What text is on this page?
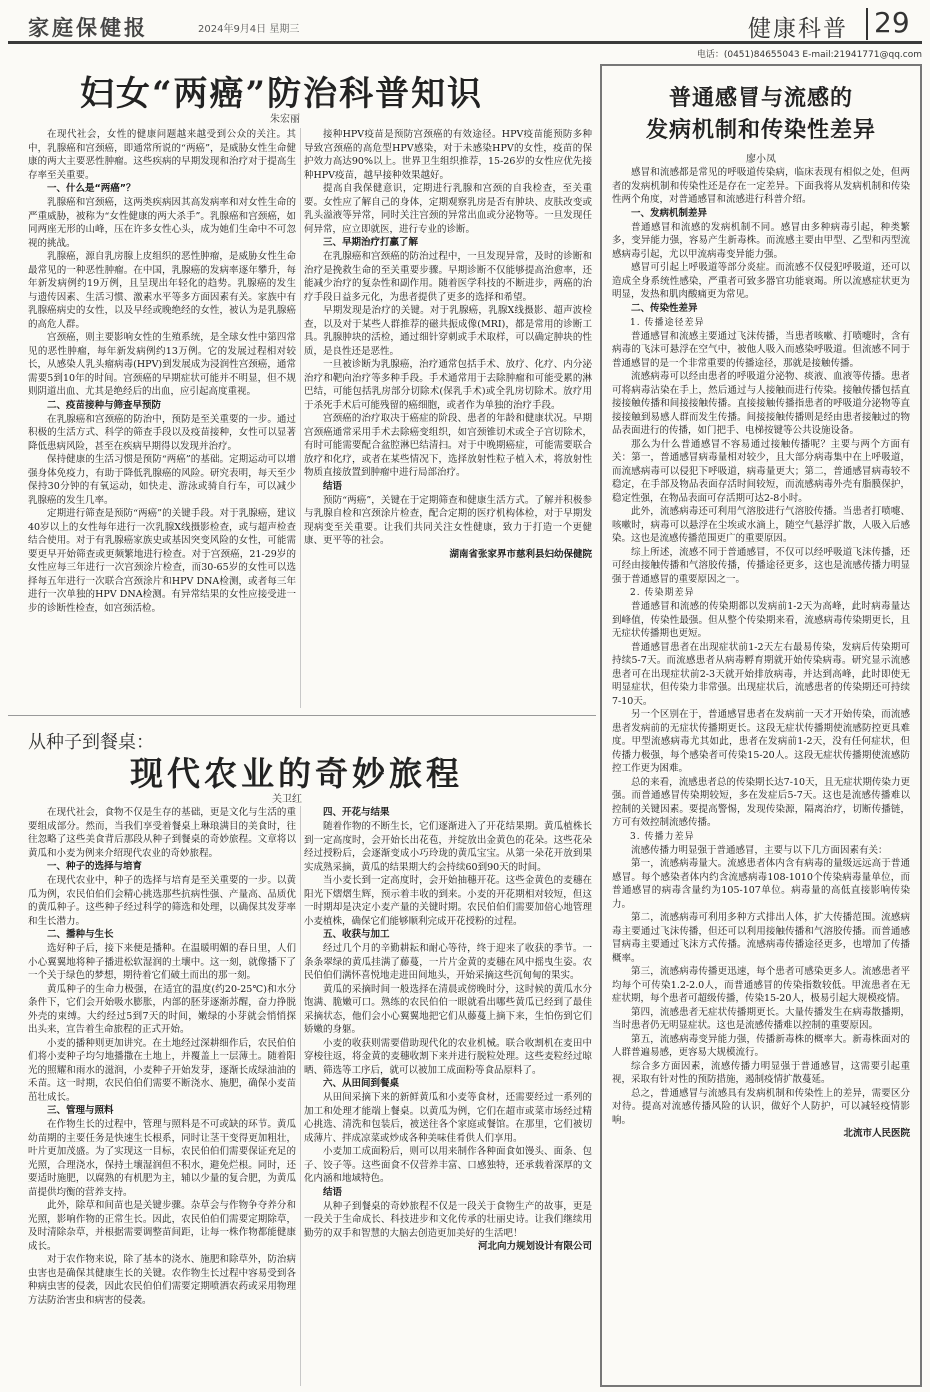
家庭保健报	2024年9月4日 星期三	健康科普 29
电话：(0451)84655043 E-mail:21941771@qq.com
妇女“两癌”防治科普知识
朱宏丽

在现代社会，女性的健康问题越来越受到公众的关注。其中，乳腺癌和宫颈癌，即通常所说的“两癌”，是威胁女性生命健康的两大主要恶性肿瘤。这些疾病的早期发现和治疗对于提高生存率至关重要。

一、什么是“两癌”？

乳腺癌和宫颈癌，这两类疾病因其高发病率和对女性生命的严重威胁，被称为“女性健康的两大杀手”。乳腺癌和宫颈癌，如同两座无形的山峰，压在许多女性心头，成为她们生命中不可忽视的挑战。

乳腺癌，源自乳房腺上皮组织的恶性肿瘤，是威胁女性生命最常见的一种恶性肿瘤。在中国，乳腺癌的发病率逐年攀升，每年新发病例约19万例，且呈现出年轻化的趋势。乳腺癌的发生与遗传因素、生活习惯、激素水平等多方面因素有关。家族中有乳腺癌病史的女性，以及早经或晚绝经的女性，被认为是乳腺癌的高危人群。

宫颈癌，则主要影响女性的生殖系统，是全球女性中第四常见的恶性肿瘤，每年新发病例约13万例。它的发展过程相对较长，从感染人乳头瘤病毒(HPV)到发展成为浸润性宫颈癌，通常需要5到10年的时间。宫颈癌的早期症状可能并不明显，但不规则阴道出血、尤其是绝经后的出血，应引起高度重视。

二、疫苗接种与筛查早预防

在乳腺癌和宫颈癌的防治中，预防是至关重要的一步。通过积极的生活方式、科学的筛查手段以及疫苗接种，女性可以显著降低患病风险，甚至在疾病早期得以发现并治疗。

保持健康的生活习惯是预防“两癌”的基础。定期运动可以增强身体免疫力，有助于降低乳腺癌的风险。研究表明，每天至少保持30分钟的有氧运动，如快走、游泳或骑自行车，可以减少乳腺癌的发生几率。

定期进行筛查是预防“两癌”的关键手段。对于乳腺癌，建议40岁以上的女性每年进行一次乳腺X线摄影检查，或与超声检查结合使用。对于有乳腺癌家族史或基因突变风险的女性，可能需要更早开始筛查或更频繁地进行检查。对于宫颈癌，21-29岁的女性应每三年进行一次宫颈涂片检查，而30-65岁的女性可以选择每五年进行一次联合宫颈涂片和HPV DNA检测，或者每三年进行一次单独的HPV DNA检测。有异常结果的女性应接受进一步的诊断性检查，如宫颈活检。

接种HPV疫苗是预防宫颈癌的有效途径。HPV疫苗能预防多种导致宫颈癌的高危型HPV感染，对于未感染HPV的女性，疫苗的保护效力高达90%以上。世界卫生组织推荐，15-26岁的女性应优先接种HPV疫苗，越早接种效果越好。

提高自我保健意识，定期进行乳腺和宫颈的自我检查，至关重要。女性应了解自己的身体，定期观察乳房是否有肿块、皮肤改变或乳头溢液等异常，同时关注宫颈的异常出血或分泌物等。一旦发现任何异常，应立即就医，进行专业的诊断。

三、早期治疗打赢了解

在乳腺癌和宫颈癌的防治过程中，一旦发现异常，及时的诊断和治疗是挽救生命的至关重要步骤。早期诊断不仅能够提高治愈率，还能减少治疗的复杂性和副作用。随着医学科技的不断进步，两癌的治疗手段日益多元化，为患者提供了更多的选择和希望。

早期发现是治疗的关键。对于乳腺癌，乳腺X线摄影、超声波检查，以及对于某些人群推荐的磁共振成像(MRI)，都是常用的诊断工具。乳腺肿块的活检，通过细针穿刺或手术取样，可以确定肿块的性质，是良性还是恶性。

一旦被诊断为乳腺癌，治疗通常包括手术、放疗、化疗、内分泌治疗和靶向治疗等多种手段。手术通常用于去除肿瘤和可能受累的淋巴结，可能包括乳房部分切除术(保乳手术)或全乳房切除术。放疗用于杀死手术后可能残留的癌细胞，或者作为单独的治疗手段。

宫颈癌的治疗取决于癌症的阶段、患者的年龄和健康状况。早期宫颈癌通常采用手术去除癌变组织，如宫颈锥切术或全子宫切除术，有时可能需要配合盆腔淋巴结清扫。对于中晚期癌症，可能需要联合放疗和化疗，或者在某些情况下，选择放射性粒子植入术，将放射性物质直接放置到肿瘤中进行局部治疗。

结语

预防“两癌”，关键在于定期筛查和健康生活方式。了解并积极参与乳腺自检和宫颈涂片检查，配合定期的医疗机构体检，对于早期发现病变至关重要。让我们共同关注女性健康，致力于打造一个更健康、更平等的社会。

湖南省张家界市慈利县妇幼保健院

从种子到餐桌：
现代农业的奇妙旅程
关卫红

在现代社会，食物不仅是生存的基础，更是文化与生活的重要组成部分。然而，当我们享受着餐桌上琳琅满目的美食时，往往忽略了这些美食背后那段从种子到餐桌的奇妙旅程。文章将以黄瓜和小麦为例来介绍现代农业的奇妙旅程。

一、种子的选择与培育

在现代农业中，种子的选择与培育是至关重要的一步。以黄瓜为例，农民伯伯们会精心挑选那些抗病性强、产量高、品质优的黄瓜种子。这些种子经过科学的筛选和处理，以确保其发芽率和生长潜力。

二、播种与生长

选好种子后，接下来便是播种。在温暖明媚的春日里，人们小心翼翼地将种子播进松软湿润的土壤中。这一刻，就像播下了一个关于绿色的梦想，期待着它们破土而出的那一刻。

黄瓜种子的生命力极强，在适宜的温度(约20-25℃)和水分条件下，它们会开始吸水膨胀，内部的胚芽逐渐苏醒，奋力挣脱外壳的束缚。大约经过5到7天的时间，嫩绿的小芽就会悄悄探出头来，宣告着生命旅程的正式开始。

小麦的播种则更加讲究。在土地经过深耕细作后，农民伯伯们将小麦种子均匀地播撒在土地上，并覆盖上一层薄土。随着阳光的照耀和雨水的滋润，小麦种子开始发芽，逐渐长成绿油油的禾苗。这一时期，农民伯伯们需要不断浇水、施肥，确保小麦苗茁壮成长。

三、管理与照料

在作物生长的过程中，管理与照料是不可或缺的环节。黄瓜幼苗期的主要任务是快速生长根系，同时让茎干变得更加粗壮，叶片更加茂盛。为了实现这一目标，农民伯伯们需要保证充足的光照，合理浇水，保持土壤湿润但不积水，避免烂根。同时，还要适时施肥，以腐熟的有机肥为主，辅以少量的复合肥，为黄瓜苗提供均衡的营养支持。

此外，除草和间苗也是关键步骤。杂草会与作物争夺养分和光照，影响作物的正常生长。因此，农民伯伯们需要定期除草，及时清除杂草，并根据需要调整苗间距，让每一株作物都能健康成长。

对于农作物来说，除了基本的浇水、施肥和除草外，防治病虫害也是确保其健康生长的关键。农作物生长过程中容易受到各种病虫害的侵袭，因此农民伯伯们需要定期喷洒农药或采用物理方法防治害虫和病害的侵袭。

四、开花与结果

随着作物的不断生长，它们逐渐进入了开花结果期。黄瓜植株长到一定高度时，会开始长出花苞，并绽放出金黄色的花朵。这些花朵经过授粉后，会逐渐变成小巧玲珑的黄瓜宝宝。从第一朵花开放到果实成熟采摘，黄瓜的结果期大约会持续60到90天的时间。

当小麦长到一定高度时，会开始抽穗开花。这些金黄色的麦穗在阳光下熠熠生辉，预示着丰收的到来。小麦的开花期相对较短，但这一时期却是决定小麦产量的关键时期。农民伯伯们需要加倍心地管理小麦植株，确保它们能够顺利完成开花授粉的过程。

五、收获与加工

经过几个月的辛勤耕耘和耐心等待，终于迎来了收获的季节。一条条翠绿的黄瓜挂满了藤蔓，一片片金黄的麦穗在风中摇曳生姿。农民伯伯们满怀喜悦地走进田间地头，开始采摘这些沉甸甸的果实。

黄瓜的采摘时间一般选择在清晨或傍晚时分，这时候的黄瓜水分饱满、脆嫩可口。熟练的农民伯伯一眼就看出哪些黄瓜已经到了最佳采摘状态，他们会小心翼翼地把它们从藤蔓上摘下来，生怕伤到它们娇嫩的身躯。

小麦的收获则需要借助现代化的农业机械。联合收割机在麦田中穿梭往返，将金黄的麦穗收割下来并进行脱粒处理。这些麦粒经过晾晒、筛选等工序后，就可以被加工成面粉等食品原料了。

六、从田间到餐桌

从田间采摘下来的新鲜黄瓜和小麦等食材，还需要经过一系列的加工和处理才能端上餐桌。以黄瓜为例，它们在超市或菜市场经过精心挑选、清洗和包装后，被送往各个家庭或餐馆。在那里，它们被切成薄片、拌成凉菜或炒成各种美味佳肴供人们享用。

小麦加工成面粉后，则可以用来制作各种面食如馒头、面条、包子、饺子等。这些面食不仅营养丰富、口感独特，还承载着深厚的文化内涵和地域特色。

结语

从种子到餐桌的奇妙旅程不仅是一段关于食物生产的故事，更是一段关于生命成长、科技进步和文化传承的壮丽史诗。让我们继续用勤劳的双手和智慧的大脑去创造更加美好的生活吧！

河北向力规划设计有限公司

普通感冒与流感的
发病机制和传染性差异
廖小凤

感冒和流感都是常见的呼吸道传染病，临床表现有相似之处，但两者的发病机制和传染性还是存在一定差异。下面我将从发病机制和传染性两个角度，对普通感冒和流感进行科普介绍。

一、发病机制差异

普通感冒和流感的发病机制不同。感冒由多种病毒引起，种类繁多，变异能力强，容易产生新毒株。而流感主要由甲型、乙型和丙型流感病毒引起，尤以甲流病毒变异能力强。

感冒可引起上呼吸道等部分炎症。而流感不仅侵犯呼吸道，还可以造成全身系统性感染，严重者可致多器官功能衰竭。所以流感症状更为明显，发热和肌肉酸痛更为常见。

二、传染性差异
1. 传播途径差异

普通感冒和流感主要通过飞沫传播，当患者咳嗽、打喷嚏时，含有病毒的飞沫可悬浮在空气中，被他人吸入而感染呼吸道。但流感不同于普通感冒的是一个非常重要的传播途径，那就是接触传播。

流感病毒可以经由患者的呼吸道分泌物、痰液、血液等传播。患者可将病毒沾染在手上，然后通过与人接触而进行传染。接触传播包括直接接触传播和间接接触传播。直接接触传播指患者的呼吸道分泌物等直接接触到易感人群而发生传播。间接接触传播则是经由患者接触过的物品表面进行的传播，如门把手、电梯按键等公共设施设备。

那么为什么普通感冒不容易通过接触传播呢？主要与两个方面有关：第一，普通感冒病毒量相对较少，且大部分病毒集中在上呼吸道，而流感病毒可以侵犯下呼吸道，病毒量更大；第二，普通感冒病毒较不稳定，在手部及物品表面存活时间较短，而流感病毒外壳有脂膜保护，稳定性强，在物品表面可存活期可达2-8小时。

此外，流感病毒还可利用气溶胶进行气溶胶传播。当患者打喷嚏、咳嗽时，病毒可以悬浮在尘埃或水滴上，随空气悬浮扩散，人吸入后感染。这也是流感传播范围更广的重要原因。

综上所述，流感不同于普通感冒，不仅可以经呼吸道飞沫传播，还可经由接触传播和气溶胶传播，传播途径更多，这也是流感传播力明显强于普通感冒的重要原因之一。

2. 传染期差异

普通感冒和流感的传染期都以发病前1-2天为高峰，此时病毒量达到峰值，传染性最强。但从整个传染期来看，流感病毒传染期更长，且无症状传播期也更短。

普通感冒患者在出现症状前1-2天左右最易传染，发病后传染期可持续5-7天。而流感患者从病毒孵育期就开始传染病毒。研究显示流感患者可在出现症状前2-3天就开始排放病毒，并达到高峰，此时即使无明显症状，但传染力非常强。出现症状后，流感患者的传染期还可持续7-10天。

另一个区别在于，普通感冒患者在发病前一天才开始传染，而流感患者发病前的无症状传播期更长。这段无症状传播期使流感防控更具难度。甲型流感病毒尤其如此，患者在发病前1-2天，没有任何症状，但传播力极强，每个感染者可传染15-20人。这段无症状传播期使流感防控工作更为困难。

总的来看，流感患者总的传染期长达7-10天，且无症状期传染力更强。而普通感冒传染期较短，多在发症后5-7天。这也是流感传播难以控制的关键因素。要提高警惕，发现传染源，隔离治疗，切断传播链，方可有效控制流感传播。

3. 传播力差异

流感传播力明显强于普通感冒，主要与以下几方面因素有关：

第一，流感病毒量大。流感患者体内含有病毒的量级远远高于普通感冒。每个感染者体内约含流感病毒108-1010个传染病毒量单位，而普通感冒的病毒含量约为105-107单位。病毒量的高低直接影响传染力。

第二，流感病毒可利用多种方式排出人体，扩大传播范围。流感病毒主要通过飞沫传播，但还可以利用接触传播和气溶胶传播。而普通感冒病毒主要通过飞沫方式传播。流感病毒传播途径更多，也增加了传播概率。

第三，流感病毒传播更迅速，每个患者可感染更多人。流感患者平均每个可传染1.2-2.0人，而普通感冒的传染指数较低。甲流患者在无症状期，每个患者可超级传播，传染15-20人，极易引起大规模疫情。

第四，流感患者无症状传播期更长。大量传播发生在病毒散播期，当时患者仍无明显症状。这也是流感传播难以控制的重要原因。

第五，流感病毒变异能力强，传播新毒株的概率大。新毒株面对的人群普遍易感，更容易大规模流行。

综合多方面因素，流感传播力明显强于普通感冒，这需要引起重视，采取有针对性的预防措施，遏制疫情扩散蔓延。

总之，普通感冒与流感具有发病机制和传染性上的差异，需要区分对待。提高对流感传播风险的认识，做好个人防护，可以减轻疫情影响。

北流市人民医院
